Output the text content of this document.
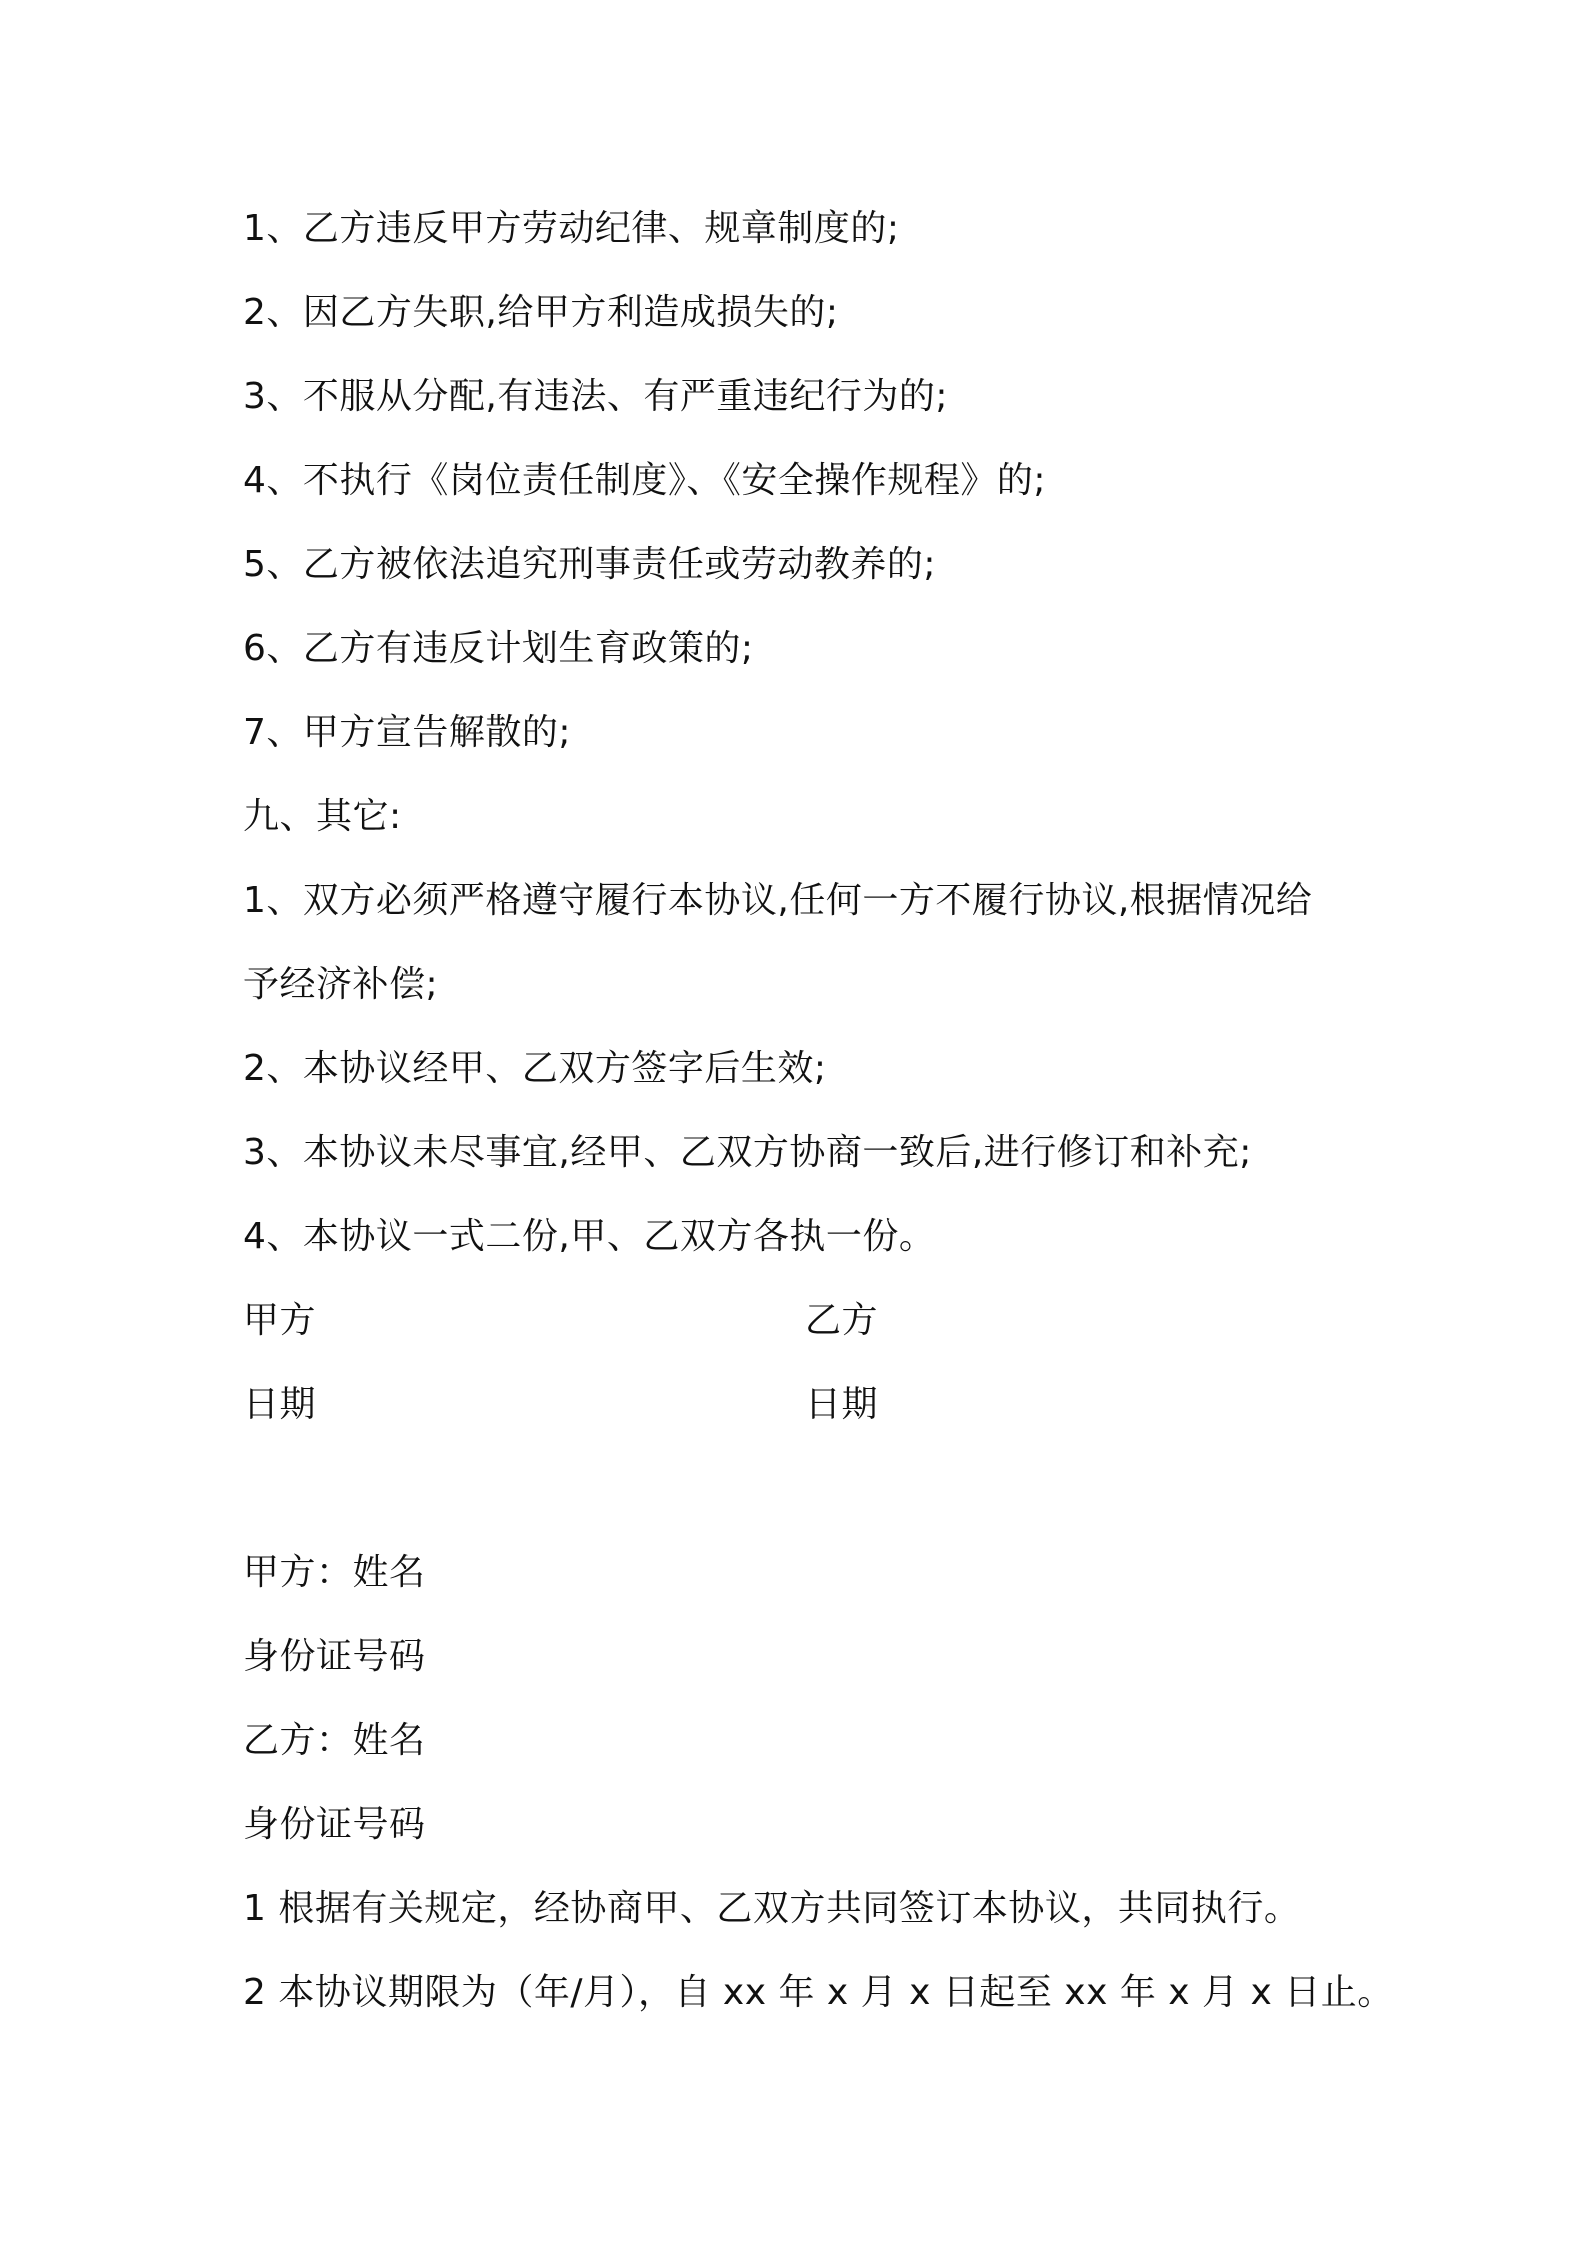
1、乙方违反甲方劳动纪律、规章制度的;
2、因乙方失职,给甲方利造成损失的;
3、不服从分配,有违法、有严重违纪行为的;
4、不执行《岗位责任制度》、《安全操作规程》的;
5、乙方被依法追究刑事责任或劳动教养的;
6、乙方有违反计划生育政策的;
7、甲方宣告解散的;
九、其它:
1、双方必须严格遵守履行本协议,任何一方不履行协议,根据情况给
予经济补偿;
2、本协议经甲、乙双方签字后生效;
3、本协议未尽事宜,经甲、乙双方协商一致后,进行修订和补充;
4、本协议一式二份,甲、乙双方各执一份。
甲方	乙方
日期	日期
甲方：姓名
身份证号码
乙方：姓名
身份证号码
1 根据有关规定，经协商甲、乙双方共同签订本协议，共同执行。
2 本协议期限为（年/月），自 xx 年 x 月 x 日起至 xx 年 x 月 x 日止。
